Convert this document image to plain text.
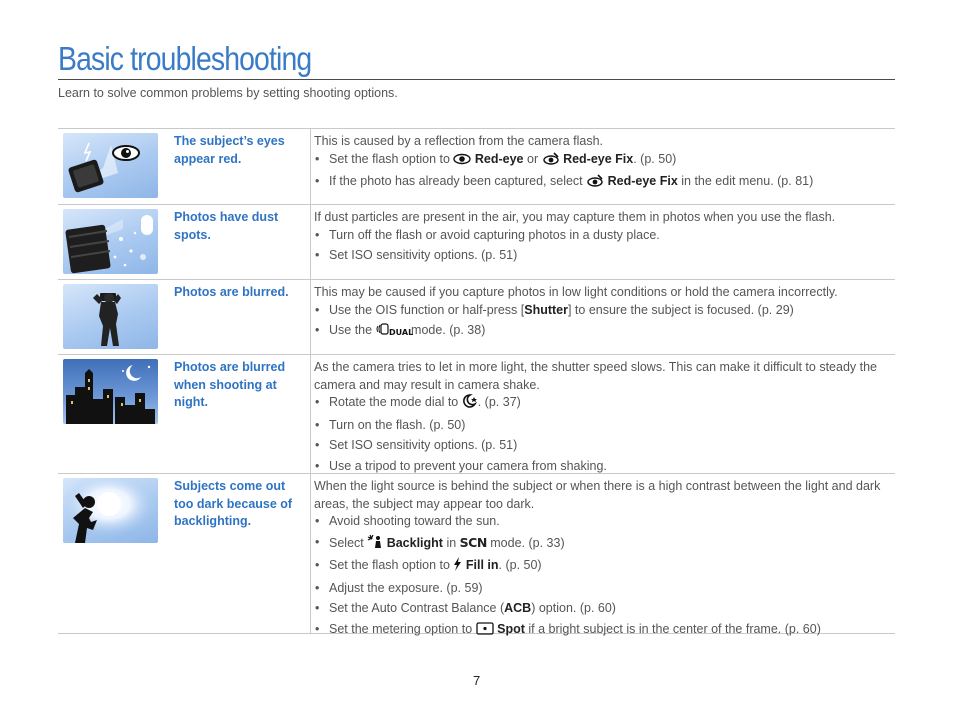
Basic troubleshooting
Learn to solve common problems by setting shooting options.
The subject’s eyes appear red.

This is caused by a reflection from the camera flash.

• Set the flash option to  Red-eye or  Red-eye Fix. (p. 50)
• If the photo has already been captured, select  Red-eye Fix in the edit menu. (p. 81)
Photos have dust spots.

If dust particles are present in the air, you may capture them in photos when you use the flash.

• Turn off the flash or avoid capturing photos in a dusty place.
• Set ISO sensitivity options. (p. 51)
Photos are blurred.	This may be caused if you capture photos in low light conditions or hold the camera incorrectly.

• Use the OIS function or half-press [Shutter] to ensure the subject is focused. (p. 29)
• Use the DUAL
mode. (p. 38)
Photos are blurred when shooting at night.

As the camera tries to let in more light, the shutter speed slows. This can make it difficult to steady the camera and may result in camera shake.

• Rotate the mode dial to . (p. 37)
• Turn on the flash. (p. 50)
• Set ISO sensitivity options. (p. 51)
• Use a tripod to prevent your camera from shaking.
Subjects come out too dark because of backlighting.

When the light source is behind the subject or when there is a high contrast between the light and dark areas, the subject may appear too dark.

• Avoid shooting toward the sun.
• Select  Backlight in SCN mode. (p. 33)
• Set the flash option to  Fill in. (p. 50)
• Adjust the exposure. (p. 59)
• Set the Auto Contrast Balance (ACB) option. (p. 60)
• Set the metering option to  Spot if a bright subject is in the center of the frame. (p. 60)
7
